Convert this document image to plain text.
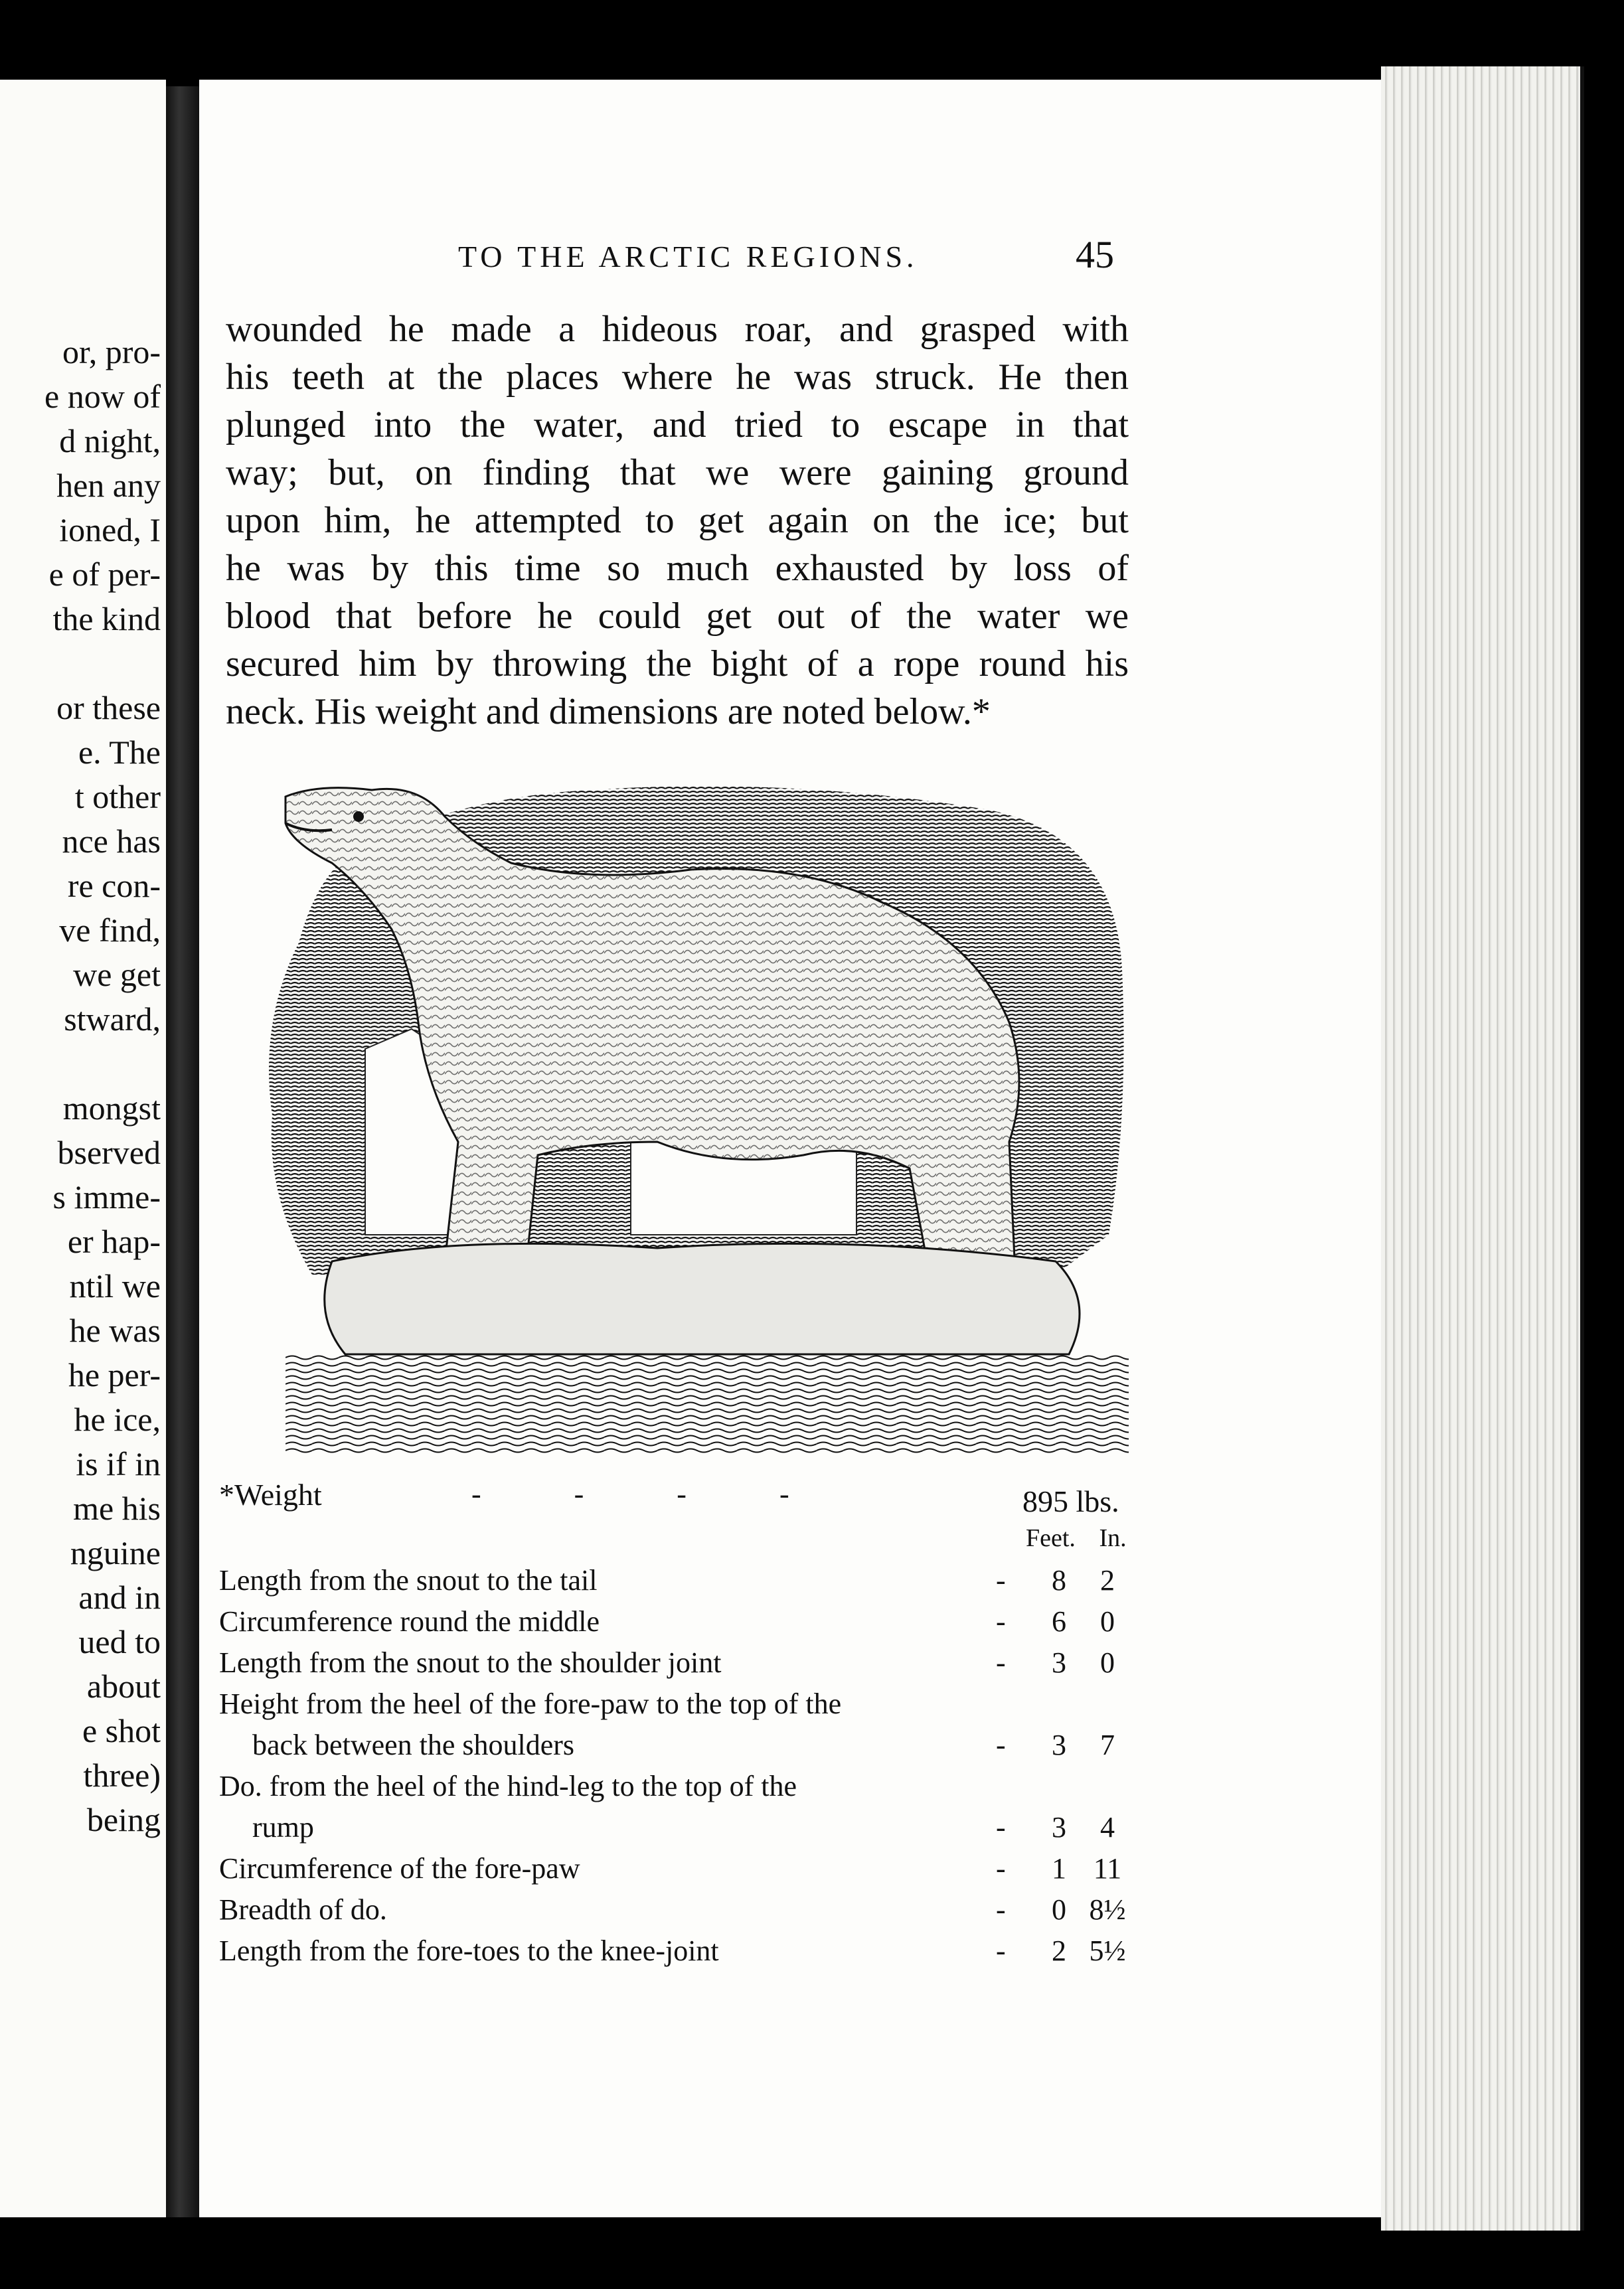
or, pro-
e now of
d night,
hen any
ioned, I
e of per-
the kind
or these
e. The
t other
nce has
re con-
ve find,
we get
stward,
mongst
bserved
s imme-
er hap-
ntil we
he was
he per-
he ice,
is if in
me his
nguine
and in
ued to
about
e shot
three)
being
TO THE ARCTIC REGIONS.	45
wounded he made a hideous roar, and grasped with
his teeth at the places where he was struck. He then
plunged into the water, and tried to escape in that
way; but, on finding that we were gaining ground
upon him, he attempted to get again on the ice; but
he was by this time so much exhausted by loss of
blood that before he could get out of the water we
secured him by throwing the bight of a rope round his
neck. His weight and dimensions are noted below.*
*Weight	----	895 lbs.
Feet. In.
Length from the snout to the tail	- 8	2
Circumference round the middle	- 6	0
Length from the snout to the shoulder joint	- 3	0
Height from the heel of the fore-paw to the top of the
back between the shoulders	- 3	7
Do. from the heel of the hind-leg to the top of the
rump	- 3	4
Circumference of the fore-paw	- 1 11
Breadth of do.	- 0 8½
Length from the fore-toes to the knee-joint	- 2 5½
